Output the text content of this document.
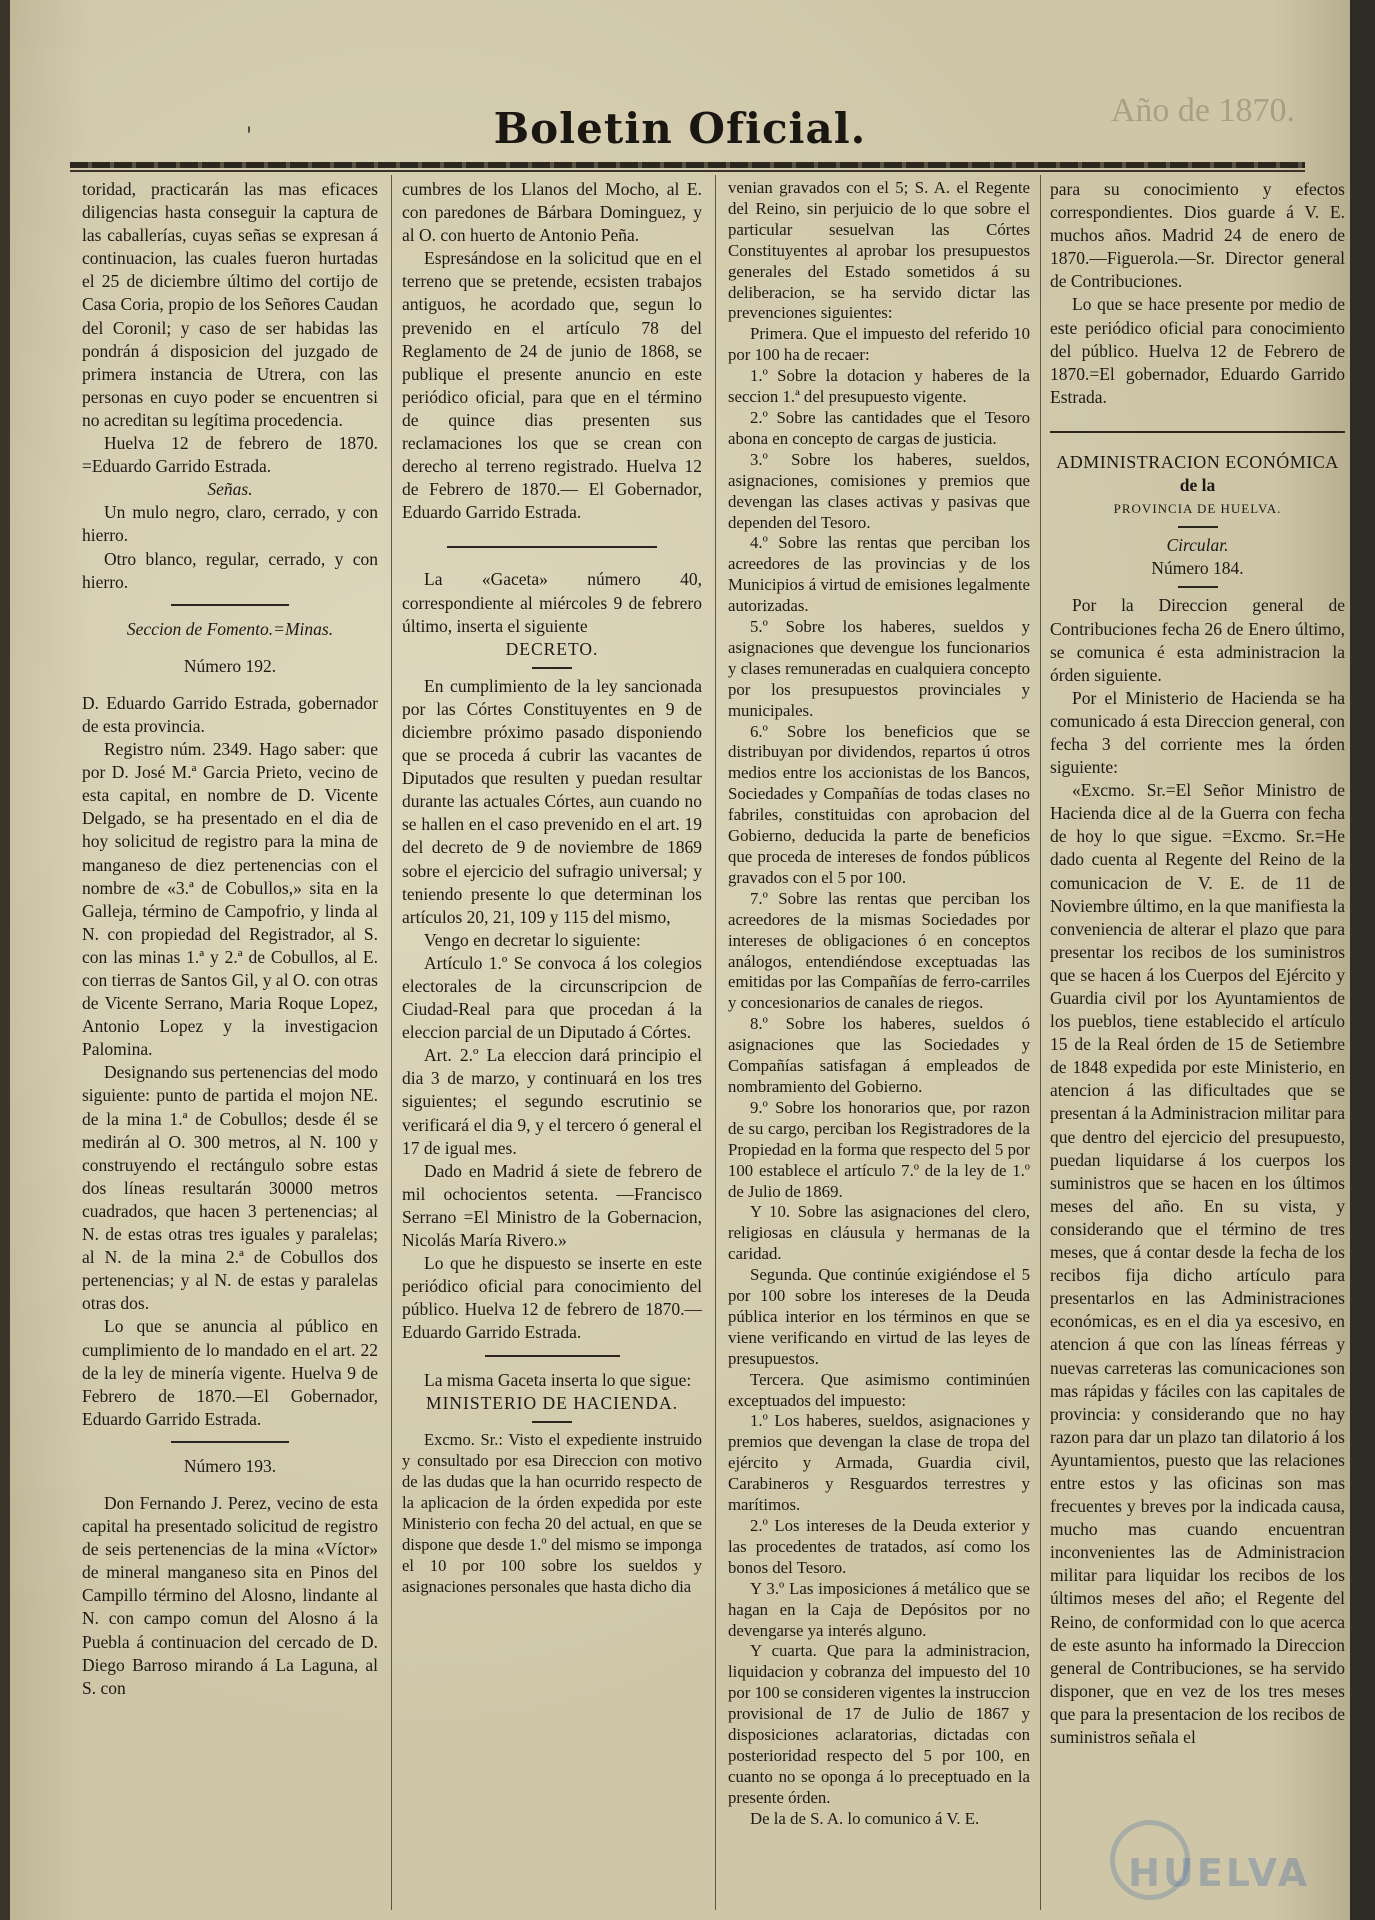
'	Boletin Oficial.	Año de 1870.

toridad, practicarán las mas eficaces diligencias hasta conseguir la captura de las caballerías, cuyas señas se expresan á continuacion, las cuales fueron hurtadas el 25 de diciembre último del cortijo de Casa Coria, propio de los Señores Caudan del Coronil; y caso de ser habidas las pondrán á disposicion del juzgado de primera instancia de Utrera, con las personas en cuyo poder se encuentren si no acreditan su legítima procedencia.

Huelva 12 de febrero de 1870. =Eduardo Garrido Estrada.

Señas.

Un mulo negro, claro, cerrado, y con hierro.

Otro blanco, regular, cerrado, y con hierro.

Seccion de Fomento.=Minas.

Número 192.

D. Eduardo Garrido Estrada, gobernador de esta provincia.

Registro núm. 2349. Hago saber: que por D. José M.ª Garcia Prieto, vecino de esta capital, en nombre de D. Vicente Delgado, se ha presentado en el dia de hoy solicitud de registro para la mina de manganeso de diez pertenencias con el nombre de «3.ª de Cobullos,» sita en la Galleja, término de Campofrio, y linda al N. con propiedad del Registrador, al S. con las minas 1.ª y 2.ª de Cobullos, al E. con tierras de Santos Gil, y al O. con otras de Vicente Serrano, Maria Roque Lopez, Antonio Lopez y la investigacion Palomina.

Designando sus pertenencias del modo siguiente: punto de partida el mojon NE. de la mina 1.ª de Cobullos; desde él se medirán al O. 300 metros, al N. 100 y construyendo el rectángulo sobre estas dos líneas resultarán 30000 metros cuadrados, que hacen 3 pertenencias; al N. de estas otras tres iguales y paralelas; al N. de la mina 2.ª de Cobullos dos pertenencias; y al N. de estas y paralelas otras dos.

Lo que se anuncia al público en cumplimiento de lo mandado en el art. 22 de la ley de minería vigente. Huelva 9 de Febrero de 1870.—El Gobernador, Eduardo Garrido Estrada.

Número 193.

Don Fernando J. Perez, vecino de esta capital ha presentado solicitud de registro de seis pertenencias de la mina «Víctor» de mineral manganeso sita en Pinos del Campillo término del Alosno, lindante al N. con campo comun del Alosno á la Puebla á continuacion del cercado de D. Diego Barroso mirando á La Laguna, al S. con

cumbres de los Llanos del Mocho, al E. con paredones de Bárbara Dominguez, y al O. con huerto de Antonio Peña.

Espresándose en la solicitud que en el terreno que se pretende, ecsisten trabajos antiguos, he acordado que, segun lo prevenido en el artículo 78 del Reglamento de 24 de junio de 1868, se publique el presente anuncio en este periódico oficial, para que en el término de quince dias presenten sus reclamaciones los que se crean con derecho al terreno registrado. Huelva 12 de Febrero de 1870.— El Gobernador, Eduardo Garrido Estrada.

La «Gaceta» número 40, correspondiente al miércoles 9 de febrero último, inserta el siguiente

DECRETO.

En cumplimiento de la ley sancionada por las Córtes Constituyentes en 9 de diciembre próximo pasado disponiendo que se proceda á cubrir las vacantes de Diputados que resulten y puedan resultar durante las actuales Córtes, aun cuando no se hallen en el caso prevenido en el art. 19 del decreto de 9 de noviembre de 1869 sobre el ejercicio del sufragio universal; y teniendo presente lo que determinan los artículos 20, 21, 109 y 115 del mismo,

Vengo en decretar lo siguiente:

Artículo 1.º Se convoca á los colegios electorales de la circunscripcion de Ciudad-Real para que procedan á la eleccion parcial de un Diputado á Córtes.

Art. 2.º La eleccion dará principio el dia 3 de marzo, y continuará en los tres siguientes; el segundo escrutinio se verificará el dia 9, y el tercero ó general el 17 de igual mes.

Dado en Madrid á siete de febrero de mil ochocientos setenta. —Francisco Serrano =El Ministro de la Gobernacion, Nicolás María Rivero.»

Lo que he dispuesto se inserte en este periódico oficial para conocimiento del público. Huelva 12 de febrero de 1870.—Eduardo Garrido Estrada.

La misma Gaceta inserta lo que sigue:

MINISTERIO DE HACIENDA.

Excmo. Sr.: Visto el expediente instruido y consultado por esa Direccion con motivo de las dudas que la han ocurrido respecto de la aplicacion de la órden expedida por este Ministerio con fecha 20 del actual, en que se dispone que desde 1.º del mismo se imponga el 10 por 100 sobre los sueldos y asignaciones personales que hasta dicho dia

venian gravados con el 5; S. A. el Regente del Reino, sin perjuicio de lo que sobre el particular sesuelvan las Córtes Constituyentes al aprobar los presupuestos generales del Estado sometidos á su deliberacion, se ha servido dictar las prevenciones siguientes:

Primera. Que el impuesto del referido 10 por 100 ha de recaer:

1.º Sobre la dotacion y haberes de la seccion 1.ª del presupuesto vigente.

2.º Sobre las cantidades que el Tesoro abona en concepto de cargas de justicia.

3.º Sobre los haberes, sueldos, asignaciones, comisiones y premios que devengan las clases activas y pasivas que dependen del Tesoro.

4.º Sobre las rentas que perciban los acreedores de las provincias y de los Municipios á virtud de emisiones legalmente autorizadas.

5.º Sobre los haberes, sueldos y asignaciones que devengue los funcionarios y clases remuneradas en cualquiera concepto por los presupuestos provinciales y municipales.

6.º Sobre los beneficios que se distribuyan por dividendos, repartos ú otros medios entre los accionistas de los Bancos, Sociedades y Compañías de todas clases no fabriles, constituidas con aprobacion del Gobierno, deducida la parte de beneficios que proceda de intereses de fondos públicos gravados con el 5 por 100.

7.º Sobre las rentas que perciban los acreedores de la mismas Sociedades por intereses de obligaciones ó en conceptos análogos, entendiéndose exceptuadas las emitidas por las Compañías de ferro-carriles y concesionarios de canales de riegos.

8.º Sobre los haberes, sueldos ó asignaciones que las Sociedades y Compañías satisfagan á empleados de nombramiento del Gobierno.

9.º Sobre los honorarios que, por razon de su cargo, perciban los Registradores de la Propiedad en la forma que respecto del 5 por 100 establece el artículo 7.º de la ley de 1.º de Julio de 1869.

Y 10. Sobre las asignaciones del clero, religiosas en cláusula y hermanas de la caridad.

Segunda. Que continúe exigiéndose el 5 por 100 sobre los intereses de la Deuda pública interior en los términos en que se viene verificando en virtud de las leyes de presupuestos.

Tercera. Que asimismo contiminúen exceptuados del impuesto:

1.º Los haberes, sueldos, asignaciones y premios que devengan la clase de tropa del ejército y Armada, Guardia civil, Carabineros y Resguardos terrestres y marítimos.

2.º Los intereses de la Deuda exterior y las procedentes de tratados, así como los bonos del Tesoro.

Y 3.º Las imposiciones á metálico que se hagan en la Caja de Depósitos por no devengarse ya interés alguno.

Y cuarta. Que para la administracion, liquidacion y cobranza del impuesto del 10 por 100 se consideren vigentes la instruccion provisional de 17 de Julio de 1867 y disposiciones aclaratorias, dictadas con posterioridad respecto del 5 por 100, en cuanto no se oponga á lo preceptuado en la presente órden.

De la de S. A. lo comunico á V. E.

para su conocimiento y efectos correspondientes. Dios guarde á V. E. muchos años. Madrid 24 de enero de 1870.—Figuerola.—Sr. Director general de Contribuciones.

Lo que se hace presente por medio de este periódico oficial para conocimiento del público. Huelva 12 de Febrero de 1870.=El gobernador, Eduardo Garrido Estrada.

ADMINISTRACION ECONÓMICA

de la

PROVINCIA DE HUELVA.

Circular.

Número 184.

Por la Direccion general de Contribuciones fecha 26 de Enero último, se comunica é esta administracion la órden siguiente.

Por el Ministerio de Hacienda se ha comunicado á esta Direccion general, con fecha 3 del corriente mes la órden siguiente:

«Excmo. Sr.=El Señor Ministro de Hacienda dice al de la Guerra con fecha de hoy lo que sigue. =Excmo. Sr.=He dado cuenta al Regente del Reino de la comunicacion de V. E. de 11 de Noviembre último, en la que manifiesta la conveniencia de alterar el plazo que para presentar los recibos de los suministros que se hacen á los Cuerpos del Ejército y Guardia civil por los Ayuntamientos de los pueblos, tiene establecido el artículo 15 de la Real órden de 15 de Setiembre de 1848 expedida por este Ministerio, en atencion á las dificultades que se presentan á la Administracion militar para que dentro del ejercicio del presupuesto, puedan liquidarse á los cuerpos los suministros que se hacen en los últimos meses del año. En su vista, y considerando que el término de tres meses, que á contar desde la fecha de los recibos fija dicho artículo para presentarlos en las Administraciones económicas, es en el dia ya escesivo, en atencion á que con las líneas férreas y nuevas carreteras las comunicaciones son mas rápidas y fáciles con las capitales de provincia: y considerando que no hay razon para dar un plazo tan dilatorio á los Ayuntamientos, puesto que las relaciones entre estos y las oficinas son mas frecuentes y breves por la indicada causa, mucho mas cuando encuentran inconvenientes las de Administracion militar para liquidar los recibos de los últimos meses del año; el Regente del Reino, de conformidad con lo que acerca de este asunto ha informado la Direccion general de Contribuciones, se ha servido disponer, que en vez de los tres meses que para la presentacion de los recibos de suministros señala el

HUELVA
